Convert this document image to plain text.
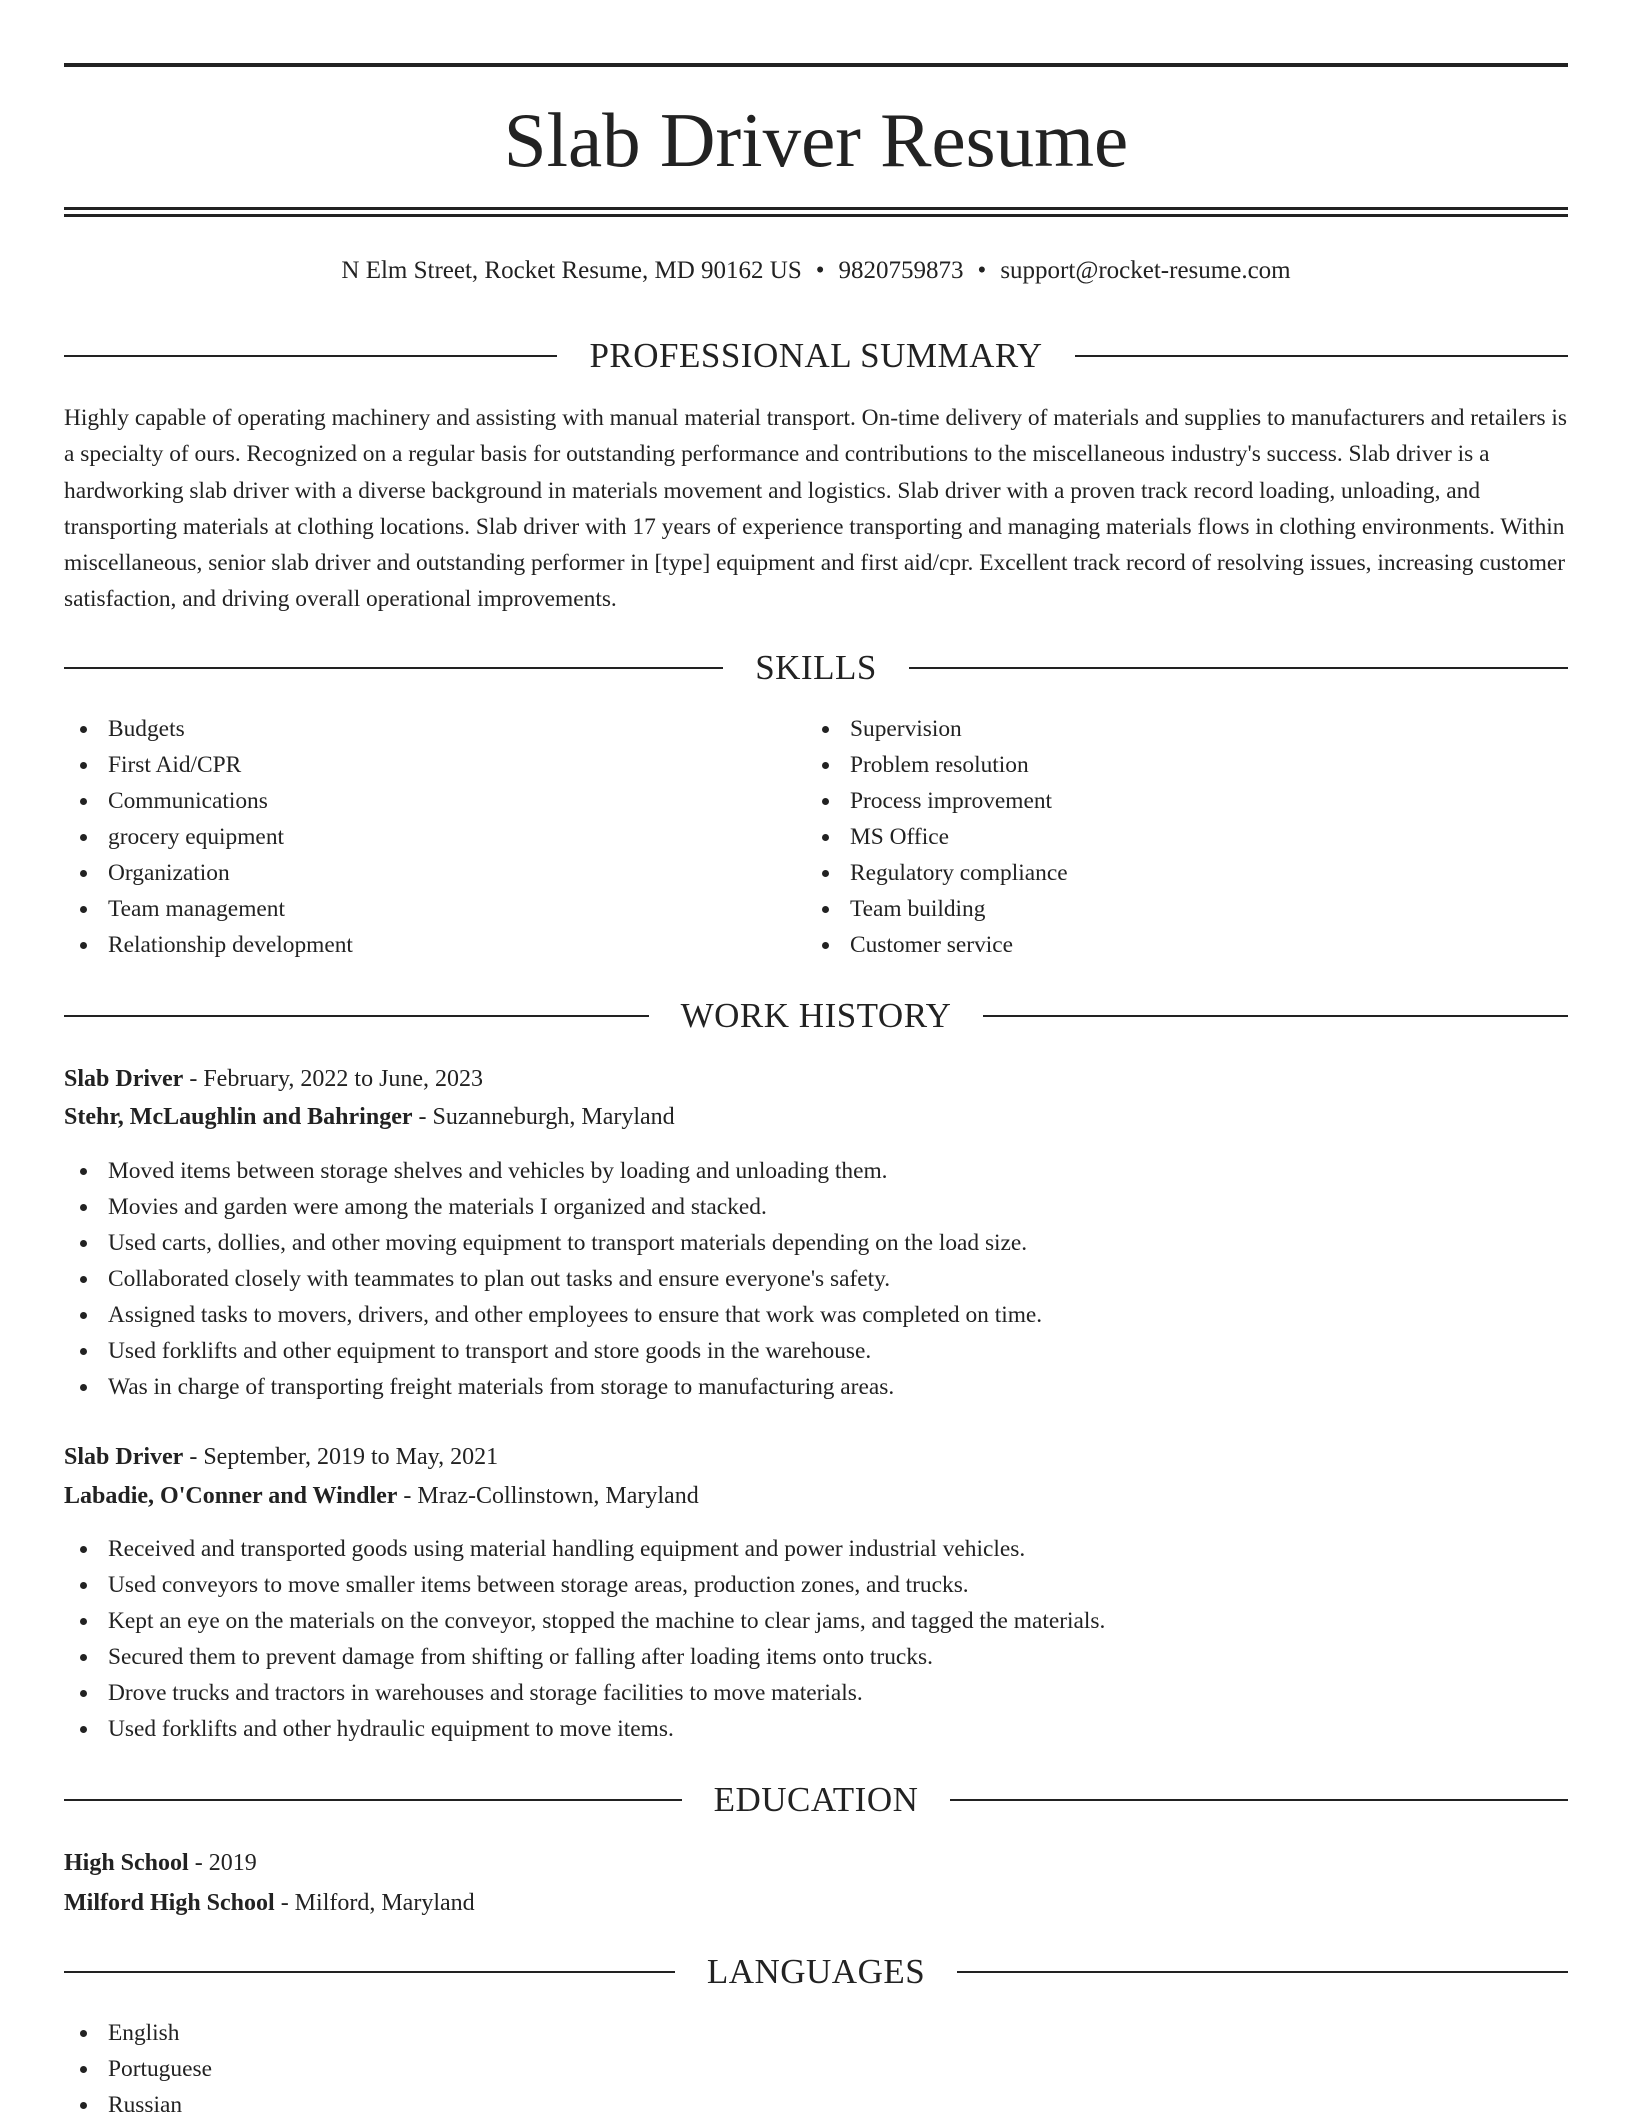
Slab Driver Resume
N Elm Street, Rocket Resume, MD 90162 US • 9820759873 • support@rocket-resume.com
PROFESSIONAL SUMMARY

Highly capable of operating machinery and assisting with manual material transport. On-time delivery of materials and supplies to manufacturers and retailers is a specialty of ours. Recognized on a regular basis for outstanding performance and contributions to the miscellaneous industry's success. Slab driver is a hardworking slab driver with a diverse background in materials movement and logistics. Slab driver with a proven track record loading, unloading, and transporting materials at clothing locations. Slab driver with 17 years of experience transporting and managing materials flows in clothing environments. Within miscellaneous, senior slab driver and outstanding performer in [type] equipment and first aid/cpr. Excellent track record of resolving issues, increasing customer satisfaction, and driving overall operational improvements.

SKILLS
Budgets
First Aid/CPR
Communications
grocery equipment
Organization
Team management
Relationship development
Supervision
Problem resolution
Process improvement
MS Office
Regulatory compliance
Team building
Customer service
WORK HISTORY
Slab Driver - February, 2022 to June, 2023
Stehr, McLaughlin and Bahringer - Suzanneburgh, Maryland
Moved items between storage shelves and vehicles by loading and unloading them.
Movies and garden were among the materials I organized and stacked.
Used carts, dollies, and other moving equipment to transport materials depending on the load size.
Collaborated closely with teammates to plan out tasks and ensure everyone's safety.
Assigned tasks to movers, drivers, and other employees to ensure that work was completed on time.
Used forklifts and other equipment to transport and store goods in the warehouse.
Was in charge of transporting freight materials from storage to manufacturing areas.
Slab Driver - September, 2019 to May, 2021
Labadie, O'Conner and Windler - Mraz-Collinstown, Maryland
Received and transported goods using material handling equipment and power industrial vehicles.
Used conveyors to move smaller items between storage areas, production zones, and trucks.
Kept an eye on the materials on the conveyor, stopped the machine to clear jams, and tagged the materials.
Secured them to prevent damage from shifting or falling after loading items onto trucks.
Drove trucks and tractors in warehouses and storage facilities to move materials.
Used forklifts and other hydraulic equipment to move items.
EDUCATION
High School - 2019
Milford High School - Milford, Maryland
LANGUAGES
English
Portuguese
Russian
